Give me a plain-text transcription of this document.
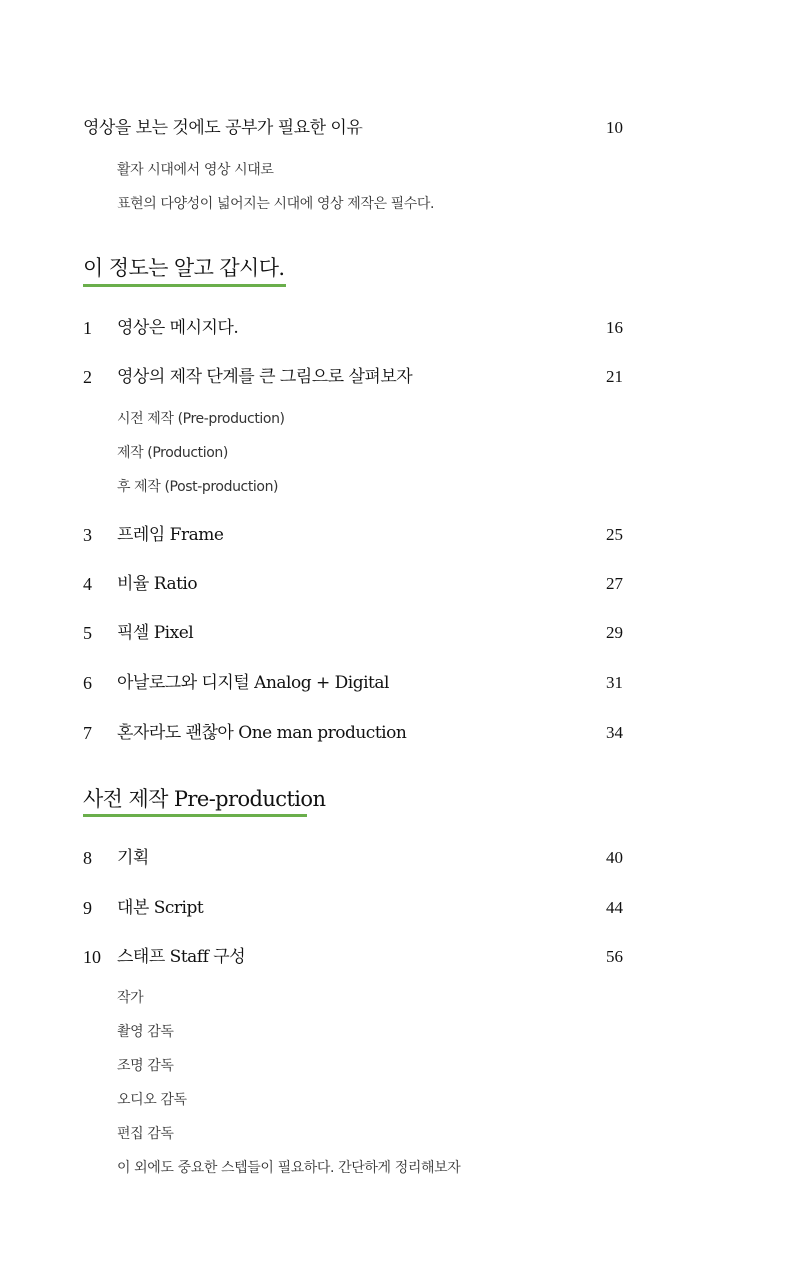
영상을 보는 것에도 공부가 필요한 이유	10
활자 시대에서 영상 시대로
표현의 다양성이 넓어지는 시대에 영상 제작은 필수다.
이 정도는 알고 갑시다.
1 영상은 메시지다.	16
2 영상의 제작 단계를 큰 그림으로 살펴보자	21
시전 제작 (Pre-production)
제작 (Production)
후 제작 (Post-production)
3 프레임 Frame	25
4 비율 Ratio	27
5 픽셀 Pixel	29
6 아날로그와 디지털 Analog + Digital	31
7 혼자라도 괜찮아 One man production	34
사전 제작 Pre-production
8 기획	40
9 대본 Script	44
10 스태프 Staff 구성	56
작가
촬영 감독
조명 감독
오디오 감독
편집 감독
이 외에도 중요한 스텝들이 필요하다. 간단하게 정리해보자
